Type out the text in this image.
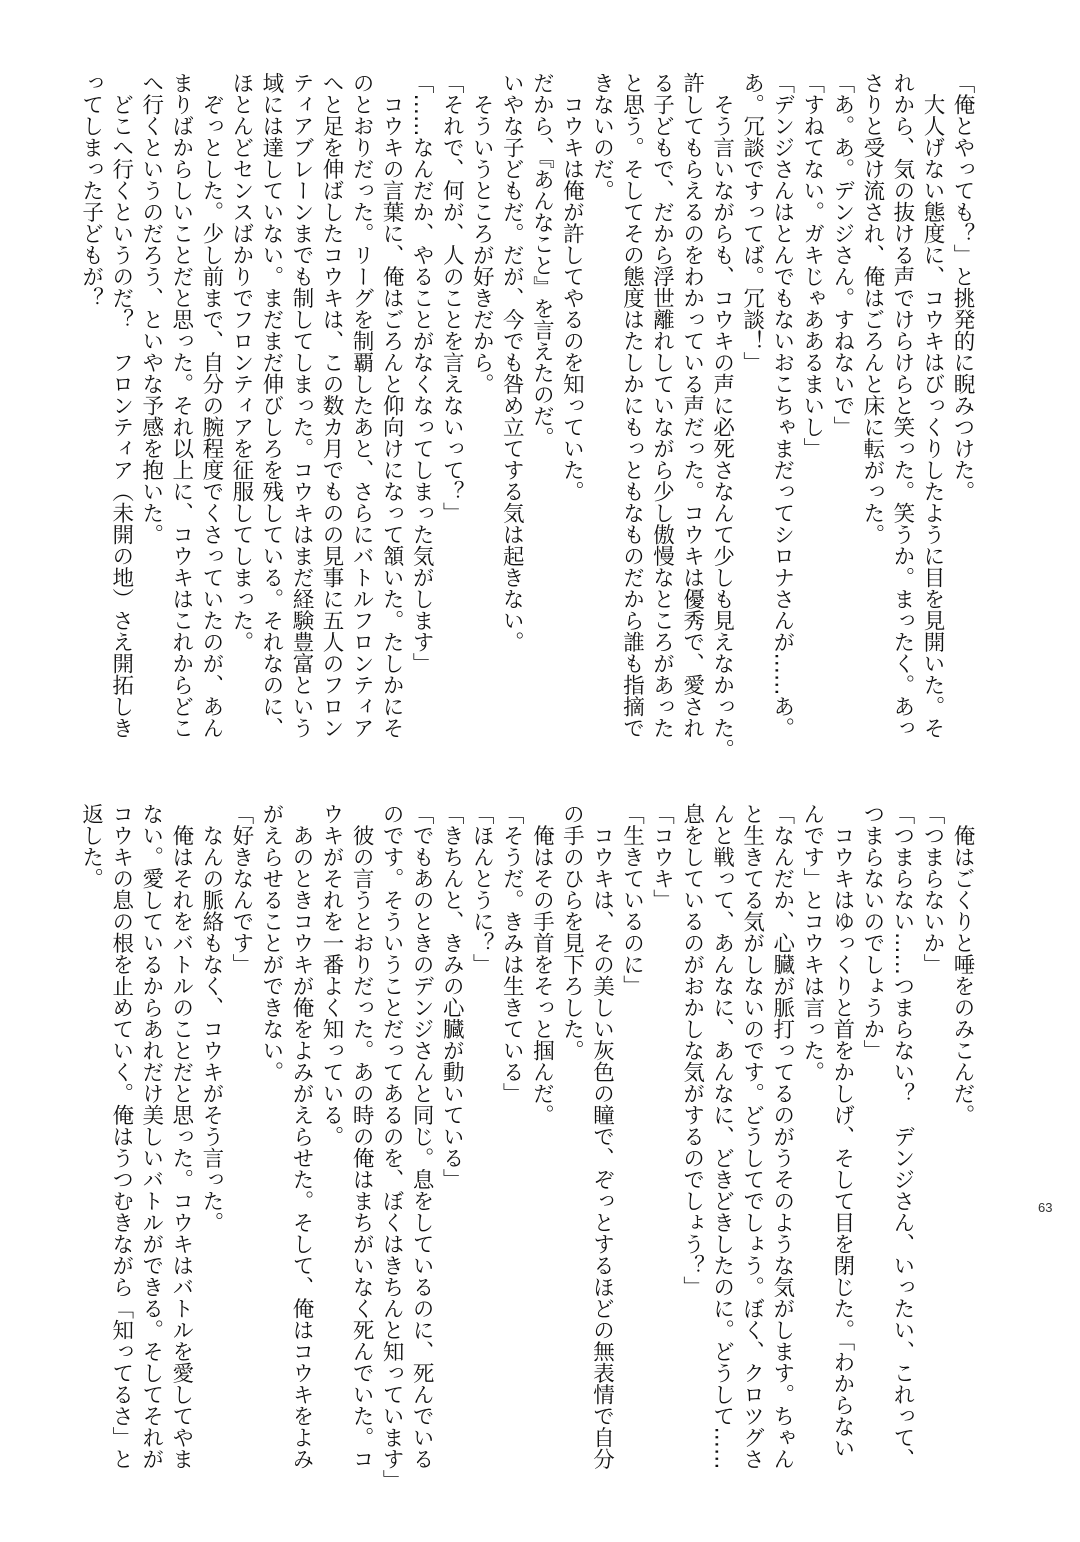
「俺とやっても？」と挑発的に睨みつけた。
　大人げない態度に、コウキはびっくりしたように目を見開いた。そ
れから、気の抜ける声でけらけらと笑った。笑うか。まったく。あっ
さりと受け流され、俺はごろんと床に転がった。
「あ。あ。デンジさん。すねないで」
「すねてない。ガキじゃああるまいし」
「デンジさんはとんでもないおこちゃまだってシロナさんが……あ。
あ。冗談ですってば。冗談！」
　そう言いながらも、コウキの声に必死さなんて少しも見えなかった。
許してもらえるのをわかっている声だった。コウキは優秀で、愛され
る子どもで、だから浮世離れしていながら少し傲慢なところがあった
と思う。そしてその態度はたしかにもっともなものだから誰も指摘で
きないのだ。
　コウキは俺が許してやるのを知っていた。
だから、『あんなこと』を言えたのだ。
いやな子どもだ。だが、今でも咎め立てする気は起きない。
　そういうところが好きだから。
「それで、何が、人のことを言えないって？」
「……なんだか、やることがなくなってしまった気がします」
　コウキの言葉に、俺はごろんと仰向けになって頷いた。たしかにそ
のとおりだった。リーグを制覇したあと、さらにバトルフロンティア
へと足を伸ばしたコウキは、この数カ月でものの見事に五人のフロン
ティアブレーンまでも制してしまった。コウキはまだ経験豊富という
域には達していない。まだまだ伸びしろを残している。それなのに、
ほとんどセンスばかりでフロンティアを征服してしまった。
　ぞっとした。少し前まで、自分の腕程度でくさっていたのが、あん
まりばからしいことだと思った。それ以上に、コウキはこれからどこ
へ行くというのだろう、といやな予感を抱いた。
　どこへ行くというのだ？　フロンティア（未開の地）さえ開拓しき
ってしまった子どもが？
　俺はごくりと唾をのみこんだ。
「つまらないか」
「つまらない……つまらない？　デンジさん、いったい、これって、
つまらないのでしょうか」
　コウキはゆっくりと首をかしげ、そして目を閉じた。「わからない
んです」とコウキは言った。
「なんだか、心臓が脈打ってるのがうそのような気がします。ちゃん
と生きてる気がしないのです。どうしてでしょう。ぼく、クロツグさ
んと戦って、あんなに、あんなに、どきどきしたのに。どうして……
息をしているのがおかしな気がするのでしょう？」
「コウキ」
「生きているのに」
　コウキは、その美しい灰色の瞳で、ぞっとするほどの無表情で自分
の手のひらを見下ろした。
　俺はその手首をそっと掴んだ。
「そうだ。きみは生きている」
「ほんとうに？」
「きちんと、きみの心臓が動いている」
「でもあのときのデンジさんと同じ。息をしているのに、死んでいる
のです。そういうことだってあるのを、ぼくはきちんと知っています」
　彼の言うとおりだった。あの時の俺はまちがいなく死んでいた。コ
ウキがそれを一番よく知っている。
　あのときコウキが俺をよみがえらせた。そして、俺はコウキをよみ
がえらせることができない。
「好きなんです」
　なんの脈絡もなく、コウキがそう言った。
　俺はそれをバトルのことだと思った。コウキはバトルを愛してやま
ない。愛しているからあれだけ美しいバトルができる。そしてそれが
コウキの息の根を止めていく。俺はうつむきながら「知ってるさ」と
返した。
63
